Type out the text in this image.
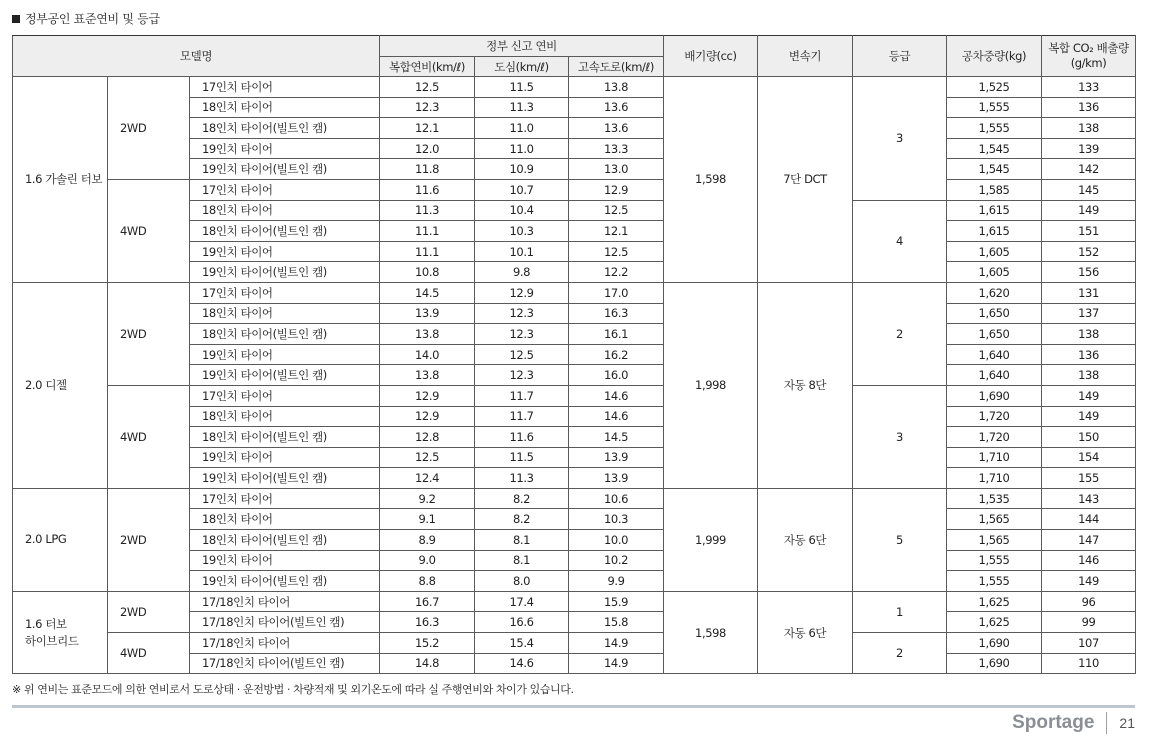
정부공인 표준연비 및 등급
모델명			정부 신고 연비			배기량(cc)	변속기	등급	공차중량(kg)	복합 CO₂ 배출량
(g/km)
			복합연비(km/ℓ)	도심(km/ℓ)	고속도로(km/ℓ)					
1.6 가솔린 터보	2WD	17인치 타이어	12.5	11.5	13.8	1,598	7단 DCT	3	1,525	133
		18인치 타이어	12.3	11.3	13.6				1,555	136
		18인치 타이어(빌트인 캠)	12.1	11.0	13.6				1,555	138
		19인치 타이어	12.0	11.0	13.3				1,545	139
		19인치 타이어(빌트인 캠)	11.8	10.9	13.0				1,545	142
	4WD	17인치 타이어	11.6	10.7	12.9				1,585	145
		18인치 타이어	11.3	10.4	12.5			4	1,615	149
		18인치 타이어(빌트인 캠)	11.1	10.3	12.1				1,615	151
		19인치 타이어	11.1	10.1	12.5				1,605	152
		19인치 타이어(빌트인 캠)	10.8	9.8	12.2				1,605	156
2.0 디젤	2WD	17인치 타이어	14.5	12.9	17.0	1,998	자동 8단	2	1,620	131
		18인치 타이어	13.9	12.3	16.3				1,650	137
		18인치 타이어(빌트인 캠)	13.8	12.3	16.1				1,650	138
		19인치 타이어	14.0	12.5	16.2				1,640	136
		19인치 타이어(빌트인 캠)	13.8	12.3	16.0				1,640	138
	4WD	17인치 타이어	12.9	11.7	14.6			3	1,690	149
		18인치 타이어	12.9	11.7	14.6				1,720	149
		18인치 타이어(빌트인 캠)	12.8	11.6	14.5				1,720	150
		19인치 타이어	12.5	11.5	13.9				1,710	154
		19인치 타이어(빌트인 캠)	12.4	11.3	13.9				1,710	155
2.0 LPG	2WD	17인치 타이어	9.2	8.2	10.6	1,999	자동 6단	5	1,535	143
		18인치 타이어	9.1	8.2	10.3				1,565	144
		18인치 타이어(빌트인 캠)	8.9	8.1	10.0				1,565	147
		19인치 타이어	9.0	8.1	10.2				1,555	146
		19인치 타이어(빌트인 캠)	8.8	8.0	9.9				1,555	149
1.6 터보
하이브리드	2WD	17/18인치 타이어	16.7	17.4	15.9	1,598	자동 6단	1	1,625	96
		17/18인치 타이어(빌트인 캠)	16.3	16.6	15.8				1,625	99
	4WD	17/18인치 타이어	15.2	15.4	14.9			2	1,690	107
		17/18인치 타이어(빌트인 캠)	14.8	14.6	14.9				1,690	110
※ 위 연비는 표준모드에 의한 연비로서 도로상태 · 운전방법 · 차량적재 및 외기온도에 따라 실 주행연비와 차이가 있습니다.
Sportage 21
